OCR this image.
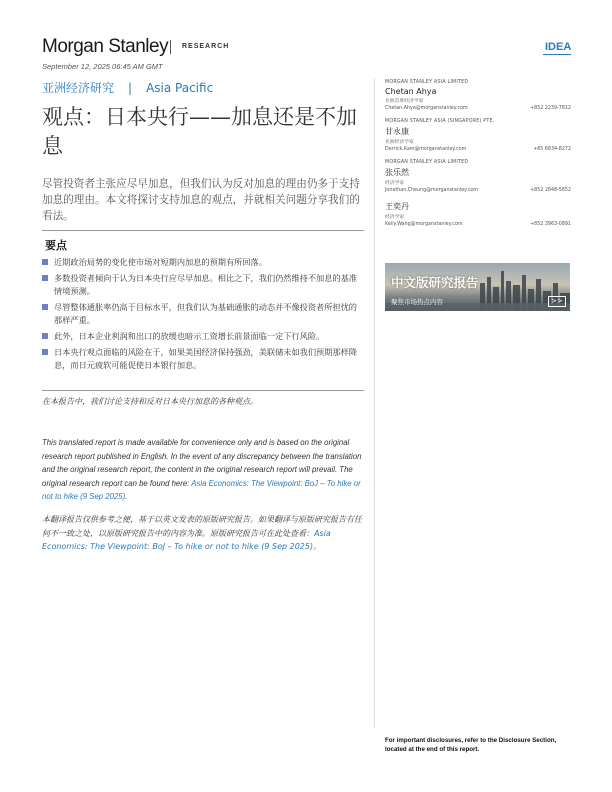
Morgan Stanley RESEARCH	IDEA
September 12, 2025 06:45 AM GMT
亚洲经济研究 | Asia Pacific
观点：日本央行——加息还是不加息
尽管投资者主张应尽早加息，但我们认为反对加息的理由仍多于支持加息的理由。本文将探讨支持加息的观点，并就相关问题分享我们的看法。
要点
近期政治局势的变化使市场对短期内加息的预期有所回落。
多数投资者倾向于认为日本央行应尽早加息。相比之下，我们仍然维持不加息的基准情境预测。
尽管整体通胀率仍高于目标水平，但我们认为基础通胀的动态并不像投资者所担忧的那样严重。
此外，日本企业利润和出口的放缓也暗示工资增长前景面临一定下行风险。
日本央行观点面临的风险在于，如果美国经济保持强劲，美联储未如我们预期那样降息，而日元疲软可能促使日本银行加息。
在本报告中，我们讨论支持和反对日本央行加息的各种观点。
This translated report is made available for convenience only and is based on the original research report published in English. In the event of any discrepancy between the translation and the original research report, the content in the original research report will prevail. The original research report can be found here: Asia Economics: The Viewpoint: BoJ – To hike or not to hike (9 Sep 2025).
本翻译报告仅供参考之便，基于以英文发表的原版研究报告。如果翻译与原版研究报告有任何不一致之处，以原版研究报告中的内容为准。原版研究报告可在此处查看：Asia Economics: The Viewpoint: BoJ – To hike or not to hike (9 Sep 2025)。
MORGAN STANLEY ASIA LIMITED
Chetan Ahya
亚洲首席经济学家
Chetan.Ahya@morganstanley.com	+852 2239-7812
MORGAN STANLEY ASIA (SINGAPORE) PTE.
甘永康
亚洲经济学家
Derrick.Kam@morganstanley.com	+65 6834-8272
MORGAN STANLEY ASIA LIMITED
张乐然
经济学家
Jonathan.Cheung@morganstanley.com	+852 2848-5652
王奕丹
经济学家
Kelly.Wang@morganstanley.com	+852 3963-0891
中文版研究报告
聚焦市场热点内容	>>
For important disclosures, refer to the Disclosure Section, located at the end of this report.
